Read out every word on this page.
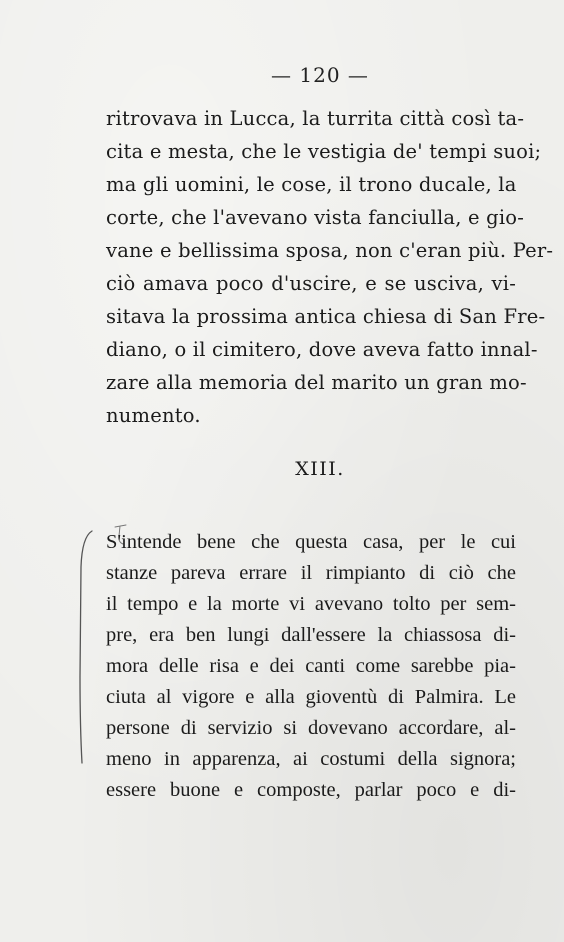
— 120 —
ritrovava in Lucca, la turrita città così ta-
cita e mesta, che le vestigia de' tempi suoi;
ma gli uomini, le cose, il trono ducale, la
corte, che l'avevano vista fanciulla, e gio-
vane e bellissima sposa, non c'eran più. Per-
ciò amava poco d'uscire, e se usciva, vi-
sitava la prossima antica chiesa di San Fre-
diano, o il cimitero, dove aveva fatto innal-
zare alla memoria del marito un gran mo-
numento.
XIII.
S'intende bene che questa casa, per le cui
stanze pareva errare il rimpianto di ciò che
il tempo e la morte vi avevano tolto per sem-
pre, era ben lungi dall'essere la chiassosa di-
mora delle risa e dei canti come sarebbe pia-
ciuta al vigore e alla gioventù di Palmira. Le
persone di servizio si dovevano accordare, al-
meno in apparenza, ai costumi della signora;
essere buone e composte, parlar poco e di-
